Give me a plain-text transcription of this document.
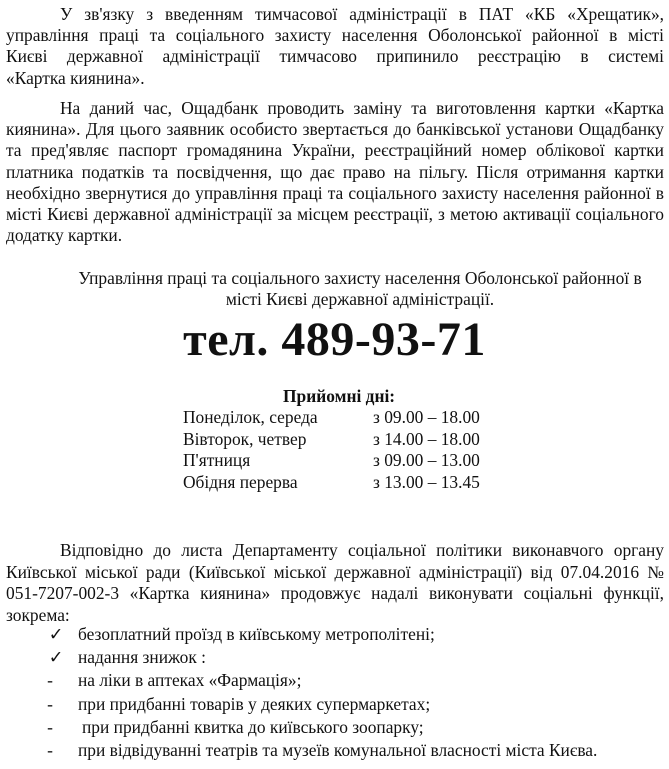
У зв'язку з введенням тимчасової адміністрації в ПАТ «КБ «Хрещатик»,
управління праці та соціального захисту населення Оболонської районної в місті
Києві державної адміністрації тимчасово припинило реєстрацію в системі
«Картка киянина».

На даний час, Ощадбанк проводить заміну та виготовлення картки «Картка киянина». Для цього заявник особисто звертається до банківської установи Ощадбанку та пред'являє паспорт громадянина України, реєстраційний номер облікової картки платника податків та посвідчення, що дає право на пільгу. Після отримання картки необхідно звернутися до управління праці та соціального захисту населення районної в місті Києві державної адміністрації за місцем реєстрації, з метою активації соціального додатку картки.

Управління праці та соціального захисту населення Оболонської районної в
місті Києві державної адміністрації.

тел. 489-93-71

Прийомні дні:

Понеділок, середа	з 09.00 – 18.00
Вівторок, четвер	з 14.00 – 18.00
П'ятниця	з 09.00 – 13.00
Обідня перерва	з 13.00 – 13.45

Відповідно до листа Департаменту соціальної політики виконавчого органу Київської міської ради (Київської міської державної адміністрації) від 07.04.2016 № 051-7207-002-3 «Картка киянина» продовжує надалі виконувати соціальні функції, зокрема:

✓ безоплатний проїзд в київському метрополітені;
✓ надання знижок :
- на ліки в аптеках «Фармація»;
- при придбанні товарів у деяких супермаркетах;
- при придбанні квитка до київського зоопарку;
- при відвідуванні театрів та музеїв комунальної власності міста Києва.
